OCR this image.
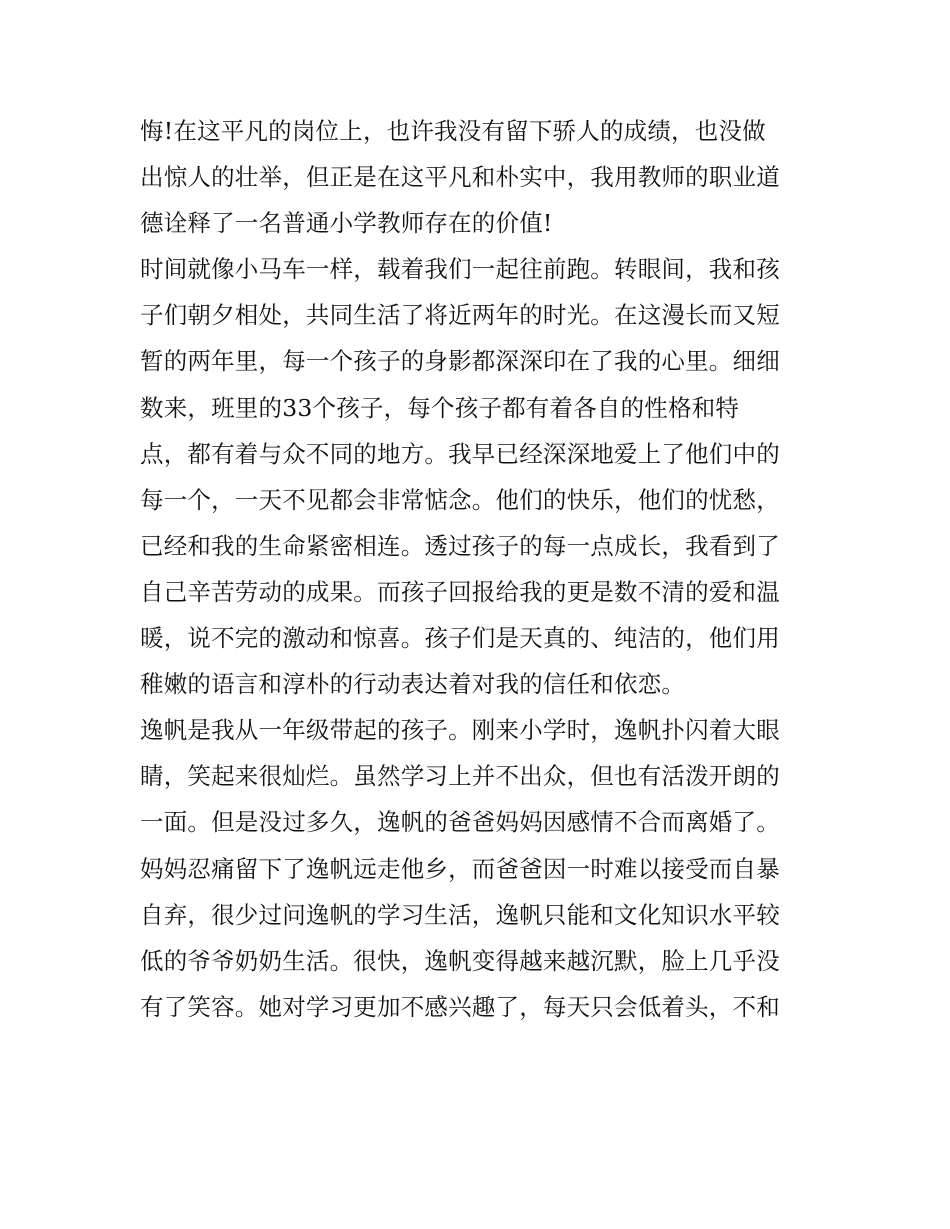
悔!在这平凡的岗位上，也许我没有留下骄人的成绩，也没做
出惊人的壮举，但正是在这平凡和朴实中，我用教师的职业道
德诠释了一名普通小学教师存在的价值!
时间就像小马车一样，载着我们一起往前跑。转眼间，我和孩
子们朝夕相处，共同生活了将近两年的时光。在这漫长而又短
暂的两年里，每一个孩子的身影都深深印在了我的心里。细细
数来，班里的33个孩子，每个孩子都有着各自的性格和特
点，都有着与众不同的地方。我早已经深深地爱上了他们中的
每一个，一天不见都会非常惦念。他们的快乐，他们的忧愁，
已经和我的生命紧密相连。透过孩子的每一点成长，我看到了
自己辛苦劳动的成果。而孩子回报给我的更是数不清的爱和温
暖，说不完的激动和惊喜。孩子们是天真的、纯洁的，他们用
稚嫩的语言和淳朴的行动表达着对我的信任和依恋。
逸帆是我从一年级带起的孩子。刚来小学时，逸帆扑闪着大眼
睛，笑起来很灿烂。虽然学习上并不出众，但也有活泼开朗的
一面。但是没过多久，逸帆的爸爸妈妈因感情不合而离婚了。
妈妈忍痛留下了逸帆远走他乡，而爸爸因一时难以接受而自暴
自弃，很少过问逸帆的学习生活，逸帆只能和文化知识水平较
低的爷爷奶奶生活。很快，逸帆变得越来越沉默，脸上几乎没
有了笑容。她对学习更加不感兴趣了，每天只会低着头，不和
